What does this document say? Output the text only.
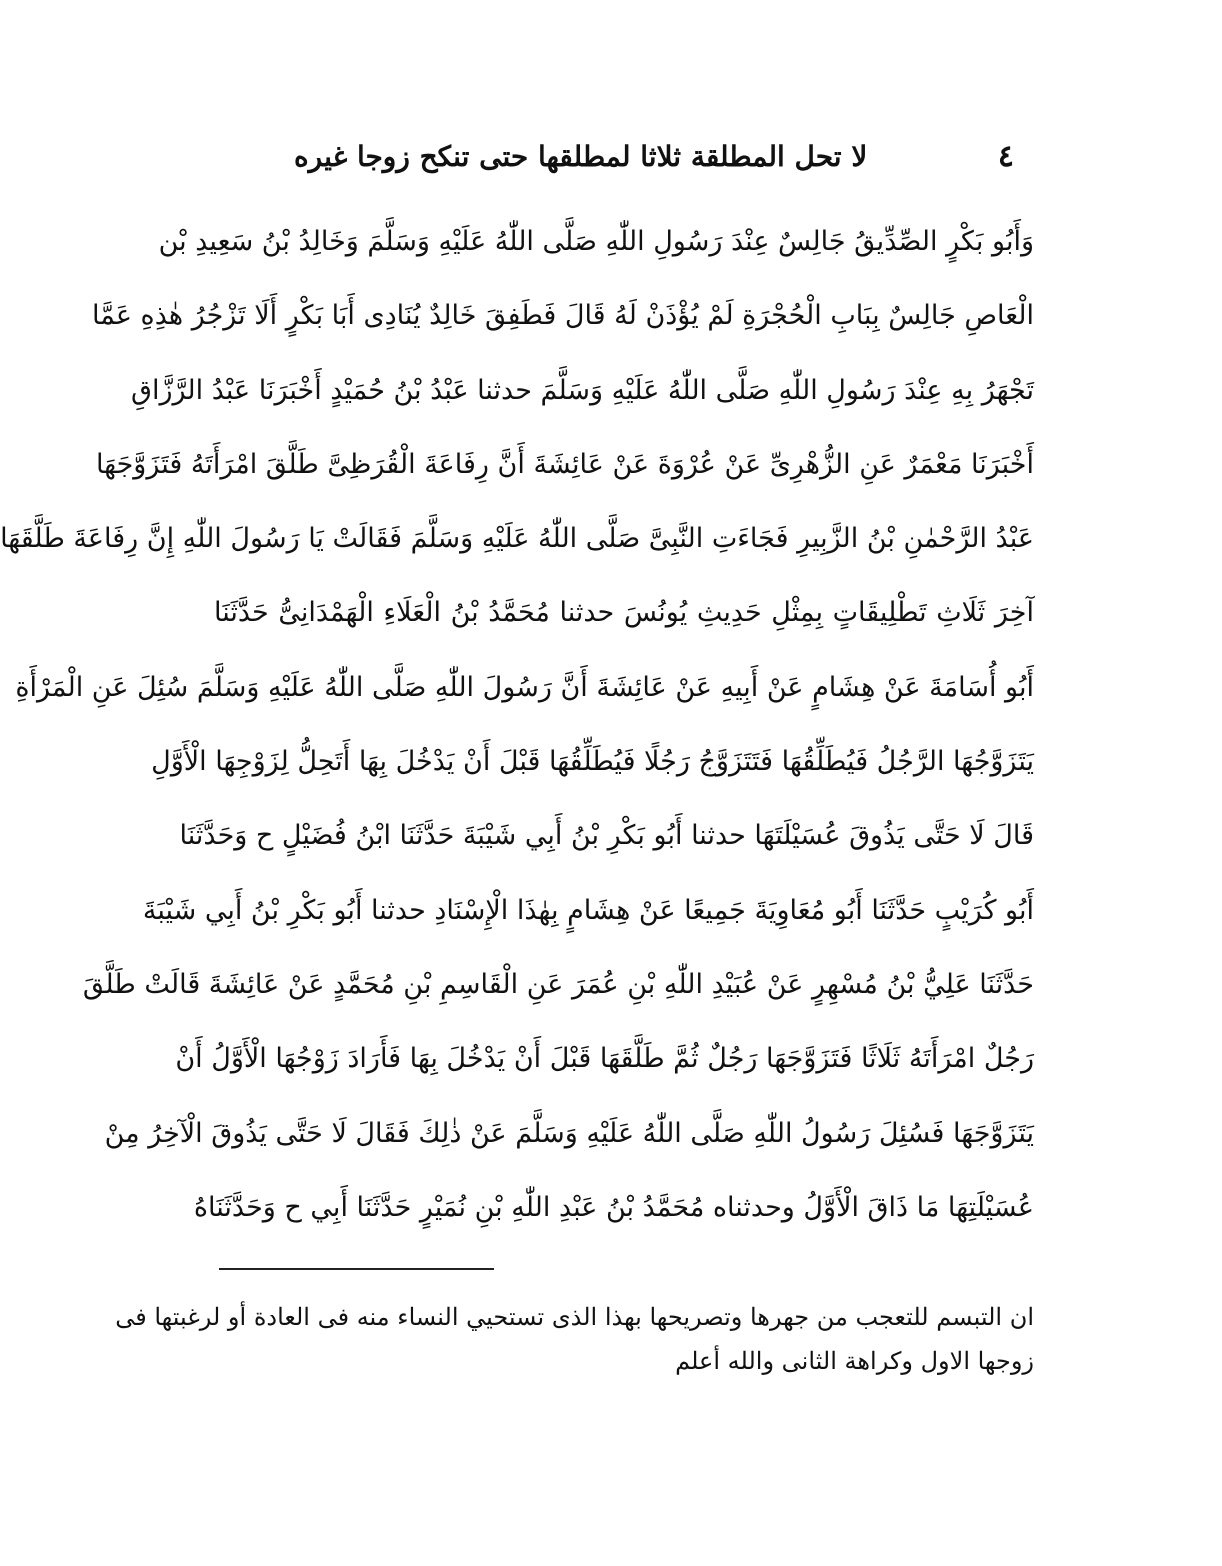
٤
لا تحل المطلقة ثلاثا لمطلقها حتى تنكح زوجا غيره
وَأَبُو بَكْرٍ الصِّدِّيقُ جَالِسٌ عِنْدَ رَسُولِ اللّٰهِ صَلَّى اللّٰهُ عَلَيْهِ وَسَلَّمَ وَخَالِدُ بْنُ سَعِيدِ بْن
الْعَاصِ جَالِسٌ بِبَابِ الْحُجْرَةِ لَمْ يُؤْذَنْ لَهُ قَالَ فَطَفِقَ خَالِدٌ يُنَادِى أَبَا بَكْرٍ أَلَا تَزْجُرُ هٰذِهِ عَمَّا
تَجْهَرُ بِهِ عِنْدَ رَسُولِ اللّٰهِ صَلَّى اللّٰهُ عَلَيْهِ وَسَلَّمَ حدثنا عَبْدُ بْنُ حُمَيْدٍ أَخْبَرَنَا عَبْدُ الرَّزَّاقِ
أَخْبَرَنَا مَعْمَرٌ عَنِ الزُّهْرِىِّ عَنْ عُرْوَةَ عَنْ عَائِشَةَ أَنَّ رِفَاعَةَ الْقُرَظِىَّ طَلَّقَ امْرَأَتَهُ فَتَزَوَّجَهَا
عَبْدُ الرَّحْمٰنِ بْنُ الزَّبِيرِ فَجَاءَتِ النَّبِىَّ صَلَّى اللّٰهُ عَلَيْهِ وَسَلَّمَ فَقَالَتْ يَا رَسُولَ اللّٰهِ إِنَّ رِفَاعَةَ طَلَّقَهَا
آخِرَ ثَلَاثِ تَطْلِيقَاتٍ بِمِثْلِ حَدِيثِ يُونُسَ حدثنا مُحَمَّدُ بْنُ الْعَلَاءِ الْهَمْدَانِىُّ حَدَّثَنَا
أَبُو أُسَامَةَ عَنْ هِشَامٍ عَنْ أَبِيهِ عَنْ عَائِشَةَ أَنَّ رَسُولَ اللّٰهِ صَلَّى اللّٰهُ عَلَيْهِ وَسَلَّمَ سُئِلَ عَنِ الْمَرْأَةِ
يَتَزَوَّجُهَا الرَّجُلُ فَيُطَلِّقُهَا فَتَتَزَوَّجُ رَجُلًا فَيُطَلِّقُهَا قَبْلَ أَنْ يَدْخُلَ بِهَا أَتَحِلُّ لِزَوْجِهَا الْأَوَّلِ
قَالَ لَا حَتَّى يَذُوقَ عُسَيْلَتَهَا حدثنا أَبُو بَكْرِ بْنُ أَبِي شَيْبَةَ حَدَّثَنَا ابْنُ فُضَيْلٍ ح وَحَدَّثَنَا
أَبُو كُرَيْبٍ حَدَّثَنَا أَبُو مُعَاوِيَةَ جَمِيعًا عَنْ هِشَامٍ بِهٰذَا الْإِسْنَادِ حدثنا أَبُو بَكْرِ بْنُ أَبِي شَيْبَةَ
حَدَّثَنَا عَلِيُّ بْنُ مُسْهِرٍ عَنْ عُبَيْدِ اللّٰهِ بْنِ عُمَرَ عَنِ الْقَاسِمِ بْنِ مُحَمَّدٍ عَنْ عَائِشَةَ قَالَتْ طَلَّقَ
رَجُلٌ امْرَأَتَهُ ثَلَاثًا فَتَزَوَّجَهَا رَجُلٌ ثُمَّ طَلَّقَهَا قَبْلَ أَنْ يَدْخُلَ بِهَا فَأَرَادَ زَوْجُهَا الْأَوَّلُ أَنْ
يَتَزَوَّجَهَا فَسُئِلَ رَسُولُ اللّٰهِ صَلَّى اللّٰهُ عَلَيْهِ وَسَلَّمَ عَنْ ذٰلِكَ فَقَالَ لَا حَتَّى يَذُوقَ الْآخِرُ مِنْ
عُسَيْلَتِهَا مَا ذَاقَ الْأَوَّلُ وحدثناه مُحَمَّدُ بْنُ عَبْدِ اللّٰهِ بْنِ نُمَيْرٍ حَدَّثَنَا أَبِي ح وَحَدَّثَنَاهُ
ان التبسم للتعجب من جهرها وتصريحها بهذا الذى تستحيي النساء منه فى العادة أو لرغبتها فى
زوجها الاول وكراهة الثانى والله أعلم
